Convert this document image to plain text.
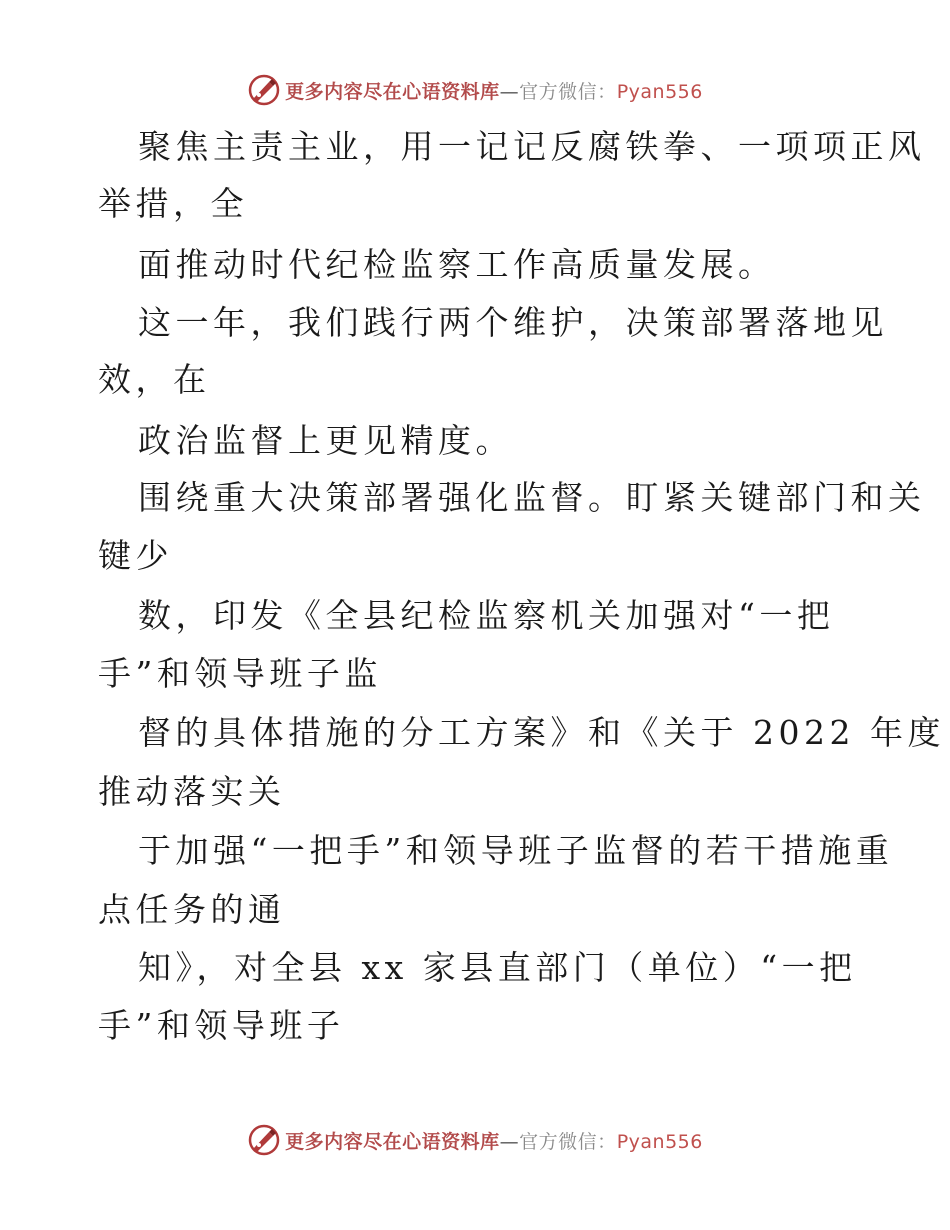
更多内容尽在心语资料库—官方微信：Pyan556
聚焦主责主业，用一记记反腐铁拳、一项项正风
举措，全
面推动时代纪检监察工作高质量发展。
这一年，我们践行两个维护，决策部署落地见
效，在
政治监督上更见精度。
围绕重大决策部署强化监督。盯紧关键部门和关
键少
数，印发《全县纪检监察机关加强对“一把
手”和领导班子监
督的具体措施的分工方案》和《关于 2022 年度
推动落实关
于加强“一把手”和领导班子监督的若干措施重
点任务的通
知》，对全县 xx 家县直部门（单位）“一把
手”和领导班子
更多内容尽在心语资料库—官方微信：Pyan556
